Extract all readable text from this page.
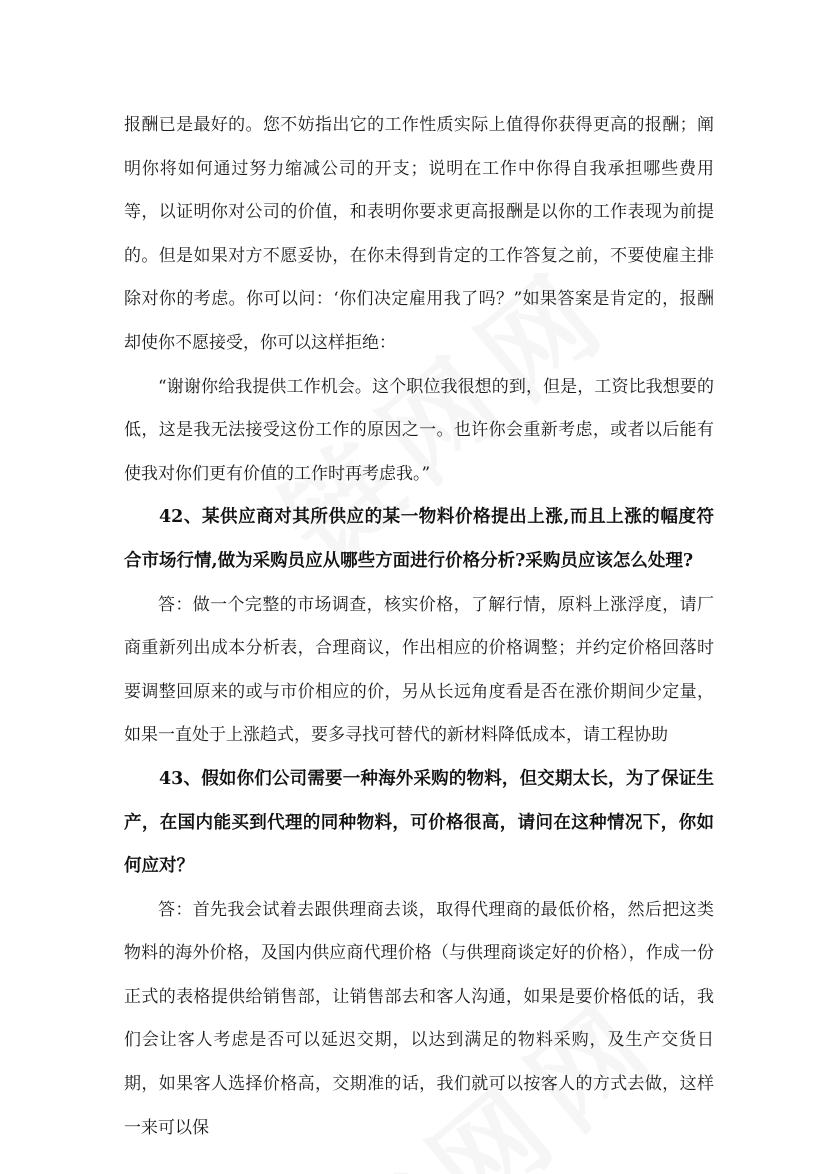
报酬已是最好的。您不妨指出它的工作性质实际上值得你获得更高的报酬；阐明你将如何通过努力缩减公司的开支；说明在工作中你得自我承担哪些费用等，以证明你对公司的价值，和表明你要求更高报酬是以你的工作表现为前提的。但是如果对方不愿妥协，在你未得到肯定的工作答复之前，不要使雇主排除对你的考虑。你可以问：‘你们决定雇用我了吗？”如果答案是肯定的，报酬却使你不愿接受，你可以这样拒绝：

“谢谢你给我提供工作机会。这个职位我很想的到，但是，工资比我想要的低，这是我无法接受这份工作的原因之一。也许你会重新考虑，或者以后能有使我对你们更有价值的工作时再考虑我。”

42、某供应商对其所供应的某一物料价格提出上涨,而且上涨的幅度符合市场行情,做为采购员应从哪些方面进行价格分析?采购员应该怎么处理?

答：做一个完整的市场调查，核实价格，了解行情，原料上涨浮度，请厂商重新列出成本分析表，合理商议，作出相应的价格调整；并约定价格回落时要调整回原来的或与市价相应的价，另从长远角度看是否在涨价期间少定量，如果一直处于上涨趋式，要多寻找可替代的新材料降低成本，请工程协助

43、假如你们公司需要一种海外采购的物料，但交期太长，为了保证生产，在国内能买到代理的同种物料，可价格很高，请问在这种情况下，你如何应对？

答：首先我会试着去跟供理商去谈，取得代理商的最低价格，然后把这类物料的海外价格，及国内供应商代理价格（与供理商谈定好的价格），作成一份正式的表格提供给销售部，让销售部去和客人沟通，如果是要价格低的话，我们会让客人考虑是否可以延迟交期，以达到满足的物料采购，及生产交货日期，如果客人选择价格高，交期准的话，我们就可以按客人的方式去做，这样一来可以保
